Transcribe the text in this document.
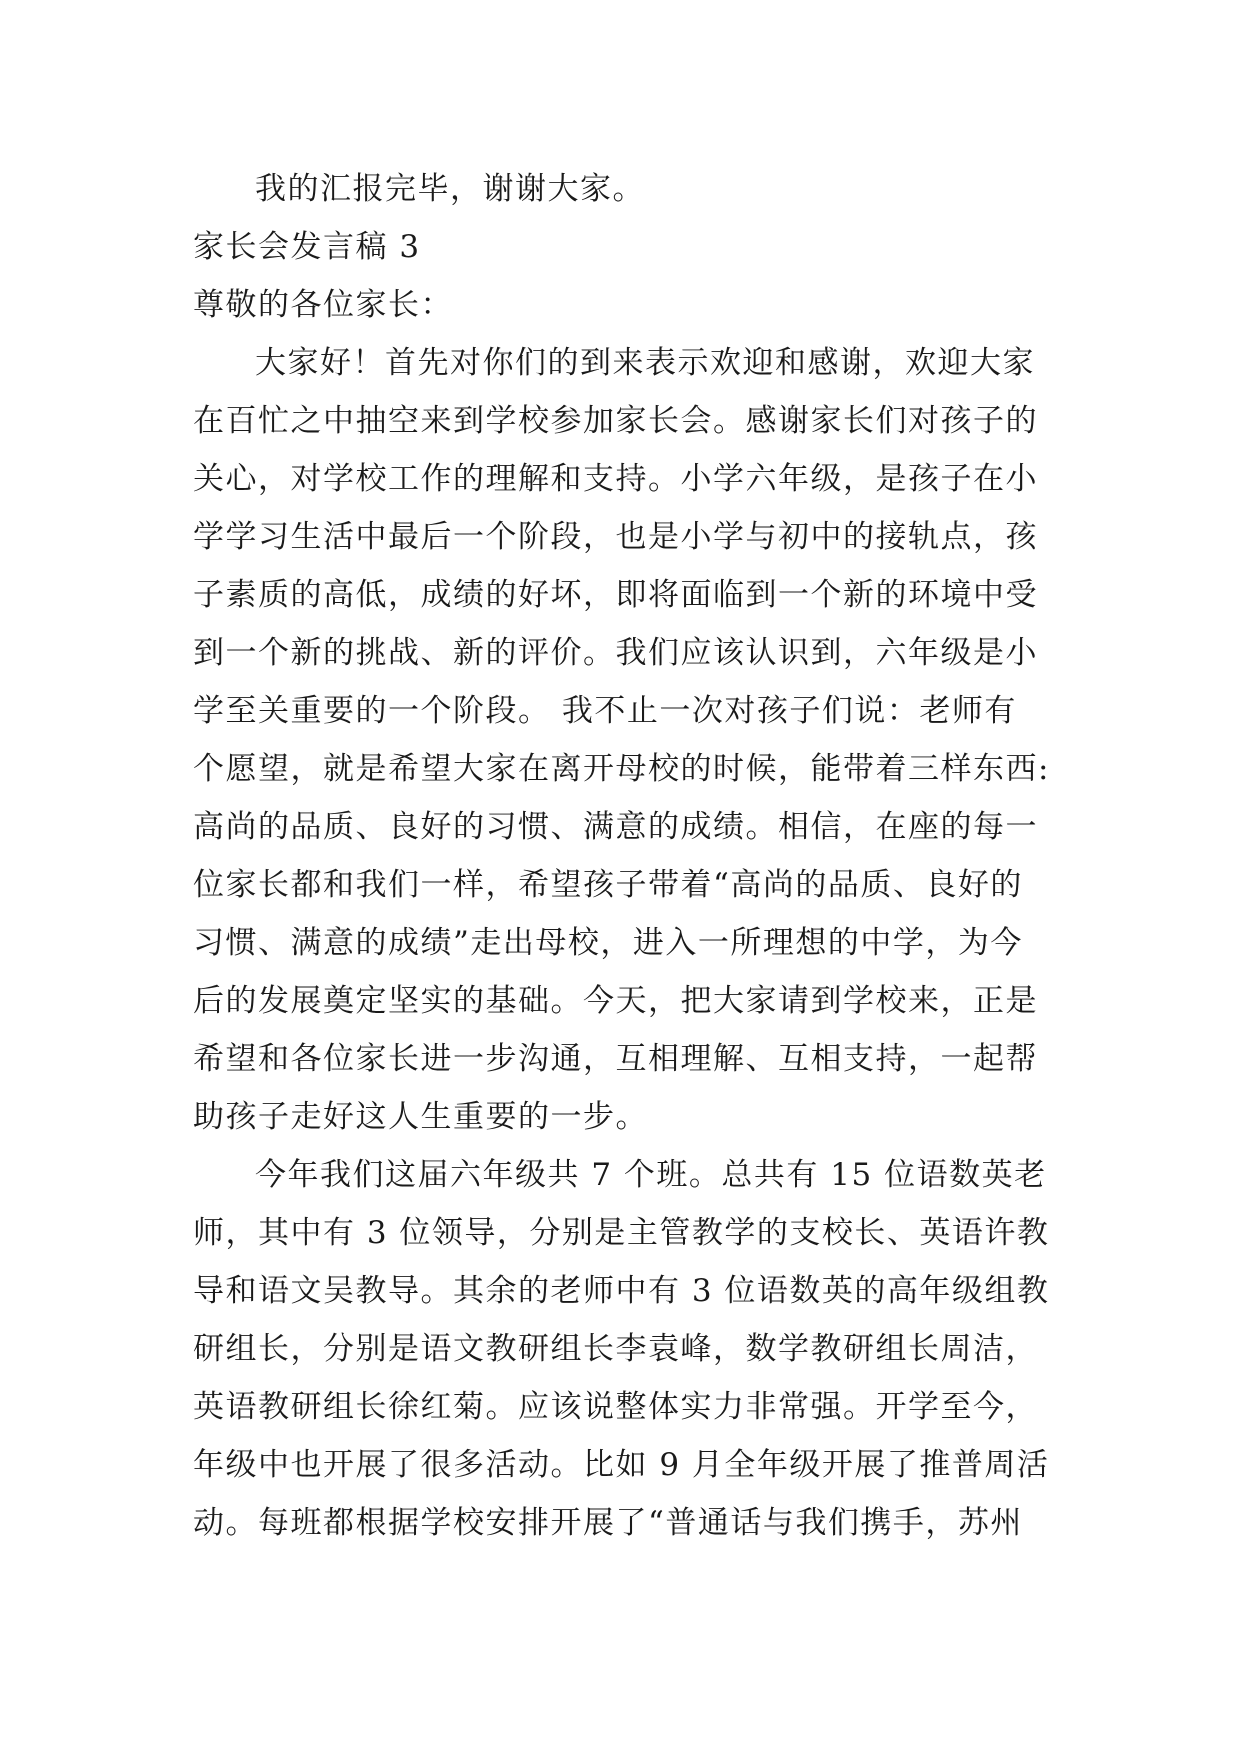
我的汇报完毕，谢谢大家。
家长会发言稿 3
尊敬的各位家长：
大家好！首先对你们的到来表示欢迎和感谢，欢迎大家
在百忙之中抽空来到学校参加家长会。感谢家长们对孩子的
关心，对学校工作的理解和支持。小学六年级，是孩子在小
学学习生活中最后一个阶段，也是小学与初中的接轨点，孩
子素质的高低，成绩的好坏，即将面临到一个新的环境中受
到一个新的挑战、新的评价。我们应该认识到，六年级是小
学至关重要的一个阶段。 我不止一次对孩子们说：老师有
个愿望，就是希望大家在离开母校的时候，能带着三样东西:
高尚的品质、良好的习惯、满意的成绩。相信，在座的每一
位家长都和我们一样，希望孩子带着“高尚的品质、良好的
习惯、满意的成绩”走出母校，进入一所理想的中学，为今
后的发展奠定坚实的基础。今天，把大家请到学校来，正是
希望和各位家长进一步沟通，互相理解、互相支持，一起帮
助孩子走好这人生重要的一步。
今年我们这届六年级共 7 个班。总共有 15 位语数英老
师，其中有 3 位领导，分别是主管教学的支校长、英语许教
导和语文吴教导。其余的老师中有 3 位语数英的高年级组教
研组长，分别是语文教研组长李袁峰，数学教研组长周洁，
英语教研组长徐红菊。应该说整体实力非常强。开学至今，
年级中也开展了很多活动。比如 9 月全年级开展了推普周活
动。每班都根据学校安排开展了“普通话与我们携手，苏州
